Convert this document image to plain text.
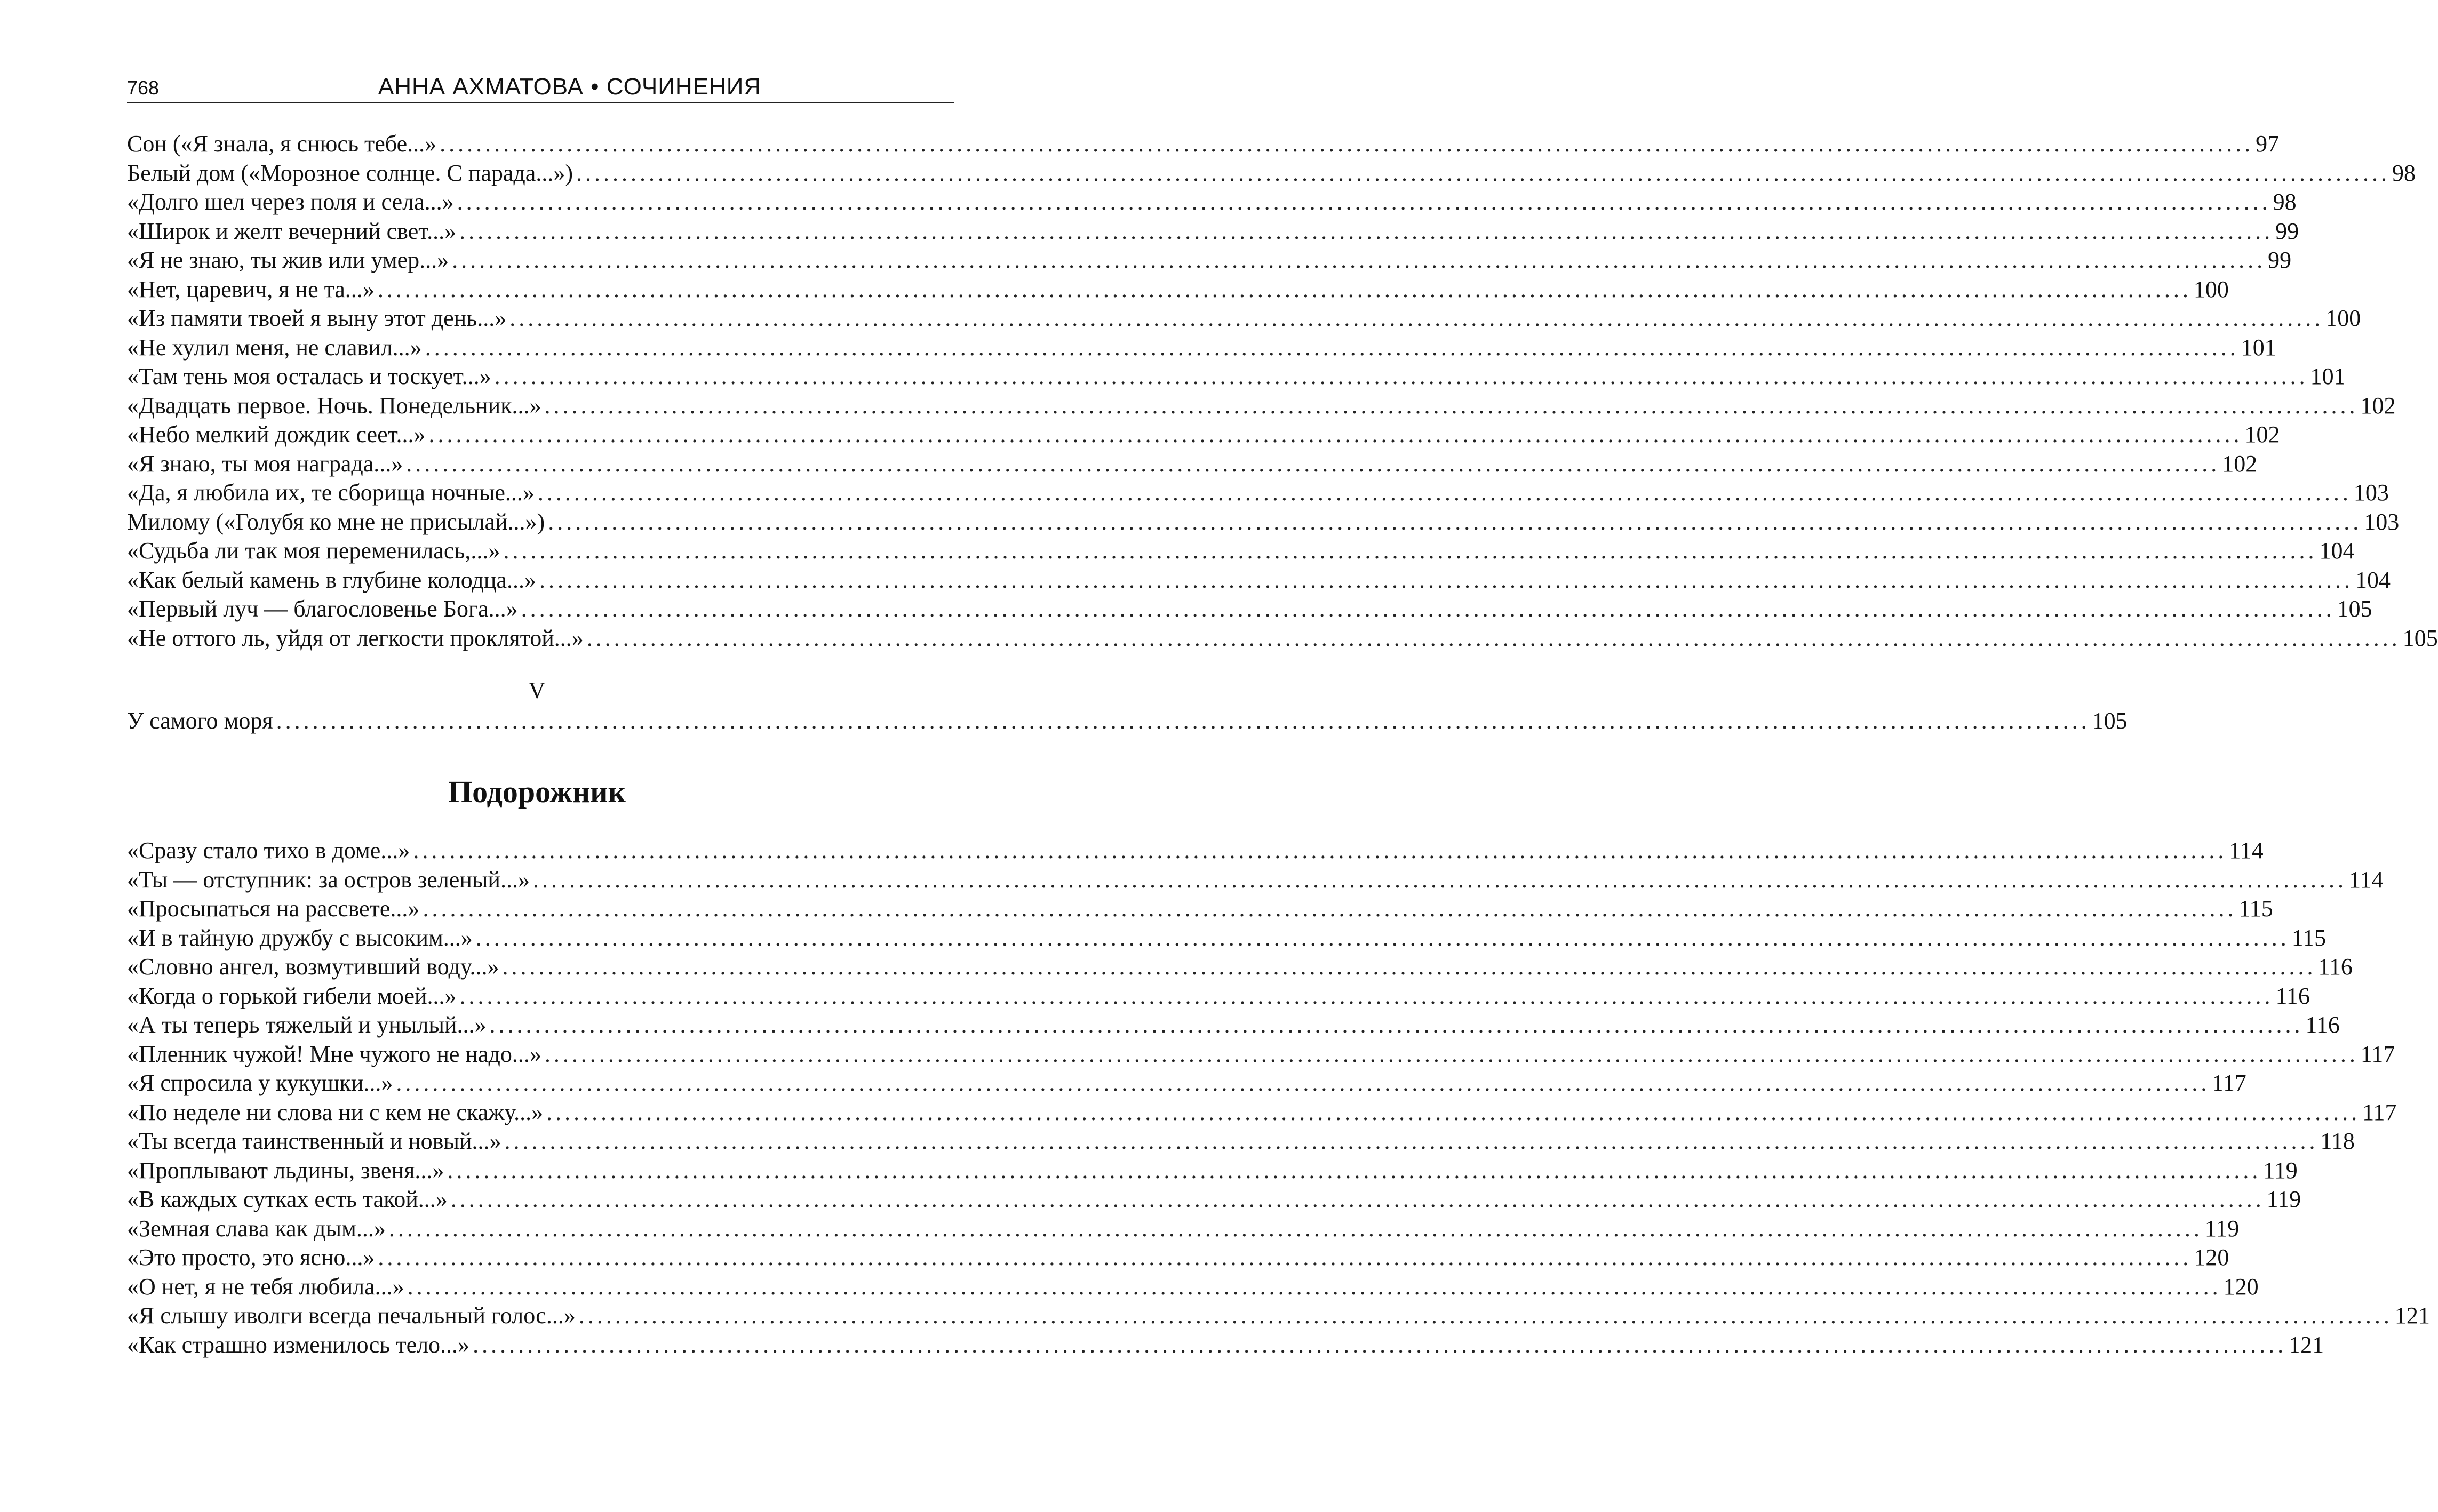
768	АННА АХМАТОВА • СОЧИНЕНИЯ
Сон («Я знала, я снюсь тебе...» ........................................................................................................................................................................................................ 97
Белый дом («Морозное солнце. С парада...») ........................................................................................................................................................................................................ 98
«Долго шел через поля и села...» ........................................................................................................................................................................................................ 98
«Широк и желт вечерний свет...» ........................................................................................................................................................................................................ 99
«Я не знаю, ты жив или умер...» ........................................................................................................................................................................................................ 99
«Нет, царевич, я не та...» ........................................................................................................................................................................................................ 100
«Из памяти твоей я выну этот день...» ........................................................................................................................................................................................................ 100
«Не хулил меня, не славил...» ........................................................................................................................................................................................................ 101
«Там тень моя осталась и тоскует...» ........................................................................................................................................................................................................ 101
«Двадцать первое. Ночь. Понедельник...» ........................................................................................................................................................................................................ 102
«Небо мелкий дождик сеет...» ........................................................................................................................................................................................................ 102
«Я знаю, ты моя награда...» ........................................................................................................................................................................................................ 102
«Да, я любила их, те сборища ночные...» ........................................................................................................................................................................................................ 103
Милому («Голубя ко мне не присылай...») ........................................................................................................................................................................................................ 103
«Судьба ли так моя переменилась,...» ........................................................................................................................................................................................................ 104
«Как белый камень в глубине колодца...» ........................................................................................................................................................................................................ 104
«Первый луч — благословенье Бога...» ........................................................................................................................................................................................................ 105
«Не оттого ль, уйдя от легкости проклятой...» ........................................................................................................................................................................................................ 105
V
У самого моря ........................................................................................................................................................................................................ 105
Подорожник
«Сразу стало тихо в доме...» ........................................................................................................................................................................................................ 114
«Ты — отступник: за остров зеленый...» ........................................................................................................................................................................................................ 114
«Просыпаться на рассвете...» ........................................................................................................................................................................................................ 115
«И в тайную дружбу с высоким...» ........................................................................................................................................................................................................ 115
«Словно ангел, возмутивший воду...» ........................................................................................................................................................................................................ 116
«Когда о горькой гибели моей...» ........................................................................................................................................................................................................ 116
«А ты теперь тяжелый и унылый...» ........................................................................................................................................................................................................ 116
«Пленник чужой! Мне чужого не надо...» ........................................................................................................................................................................................................ 117
«Я спросила у кукушки...» ........................................................................................................................................................................................................ 117
«По неделе ни слова ни с кем не скажу...» ........................................................................................................................................................................................................ 117
«Ты всегда таинственный и новый...» ........................................................................................................................................................................................................ 118
«Проплывают льдины, звеня...» ........................................................................................................................................................................................................ 119
«В каждых сутках есть такой...» ........................................................................................................................................................................................................ 119
«Земная слава как дым...» ........................................................................................................................................................................................................ 119
«Это просто, это ясно...» ........................................................................................................................................................................................................ 120
«О нет, я не тебя любила...» ........................................................................................................................................................................................................ 120
«Я слышу иволги всегда печальный голос...» ........................................................................................................................................................................................................ 121
«Как страшно изменилось тело...» ........................................................................................................................................................................................................ 121
